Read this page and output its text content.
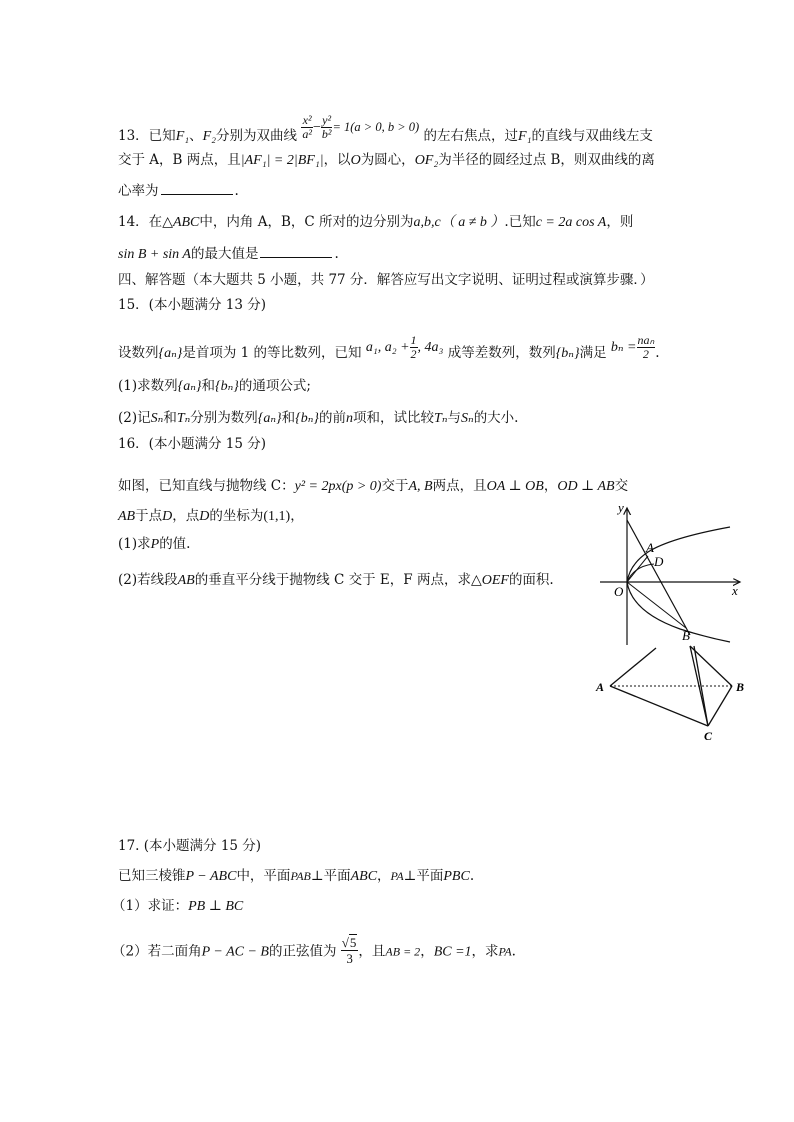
13．已知F₁、F₂分别为双曲线 $\frac{\text{x²}}{\text{a²}} - \frac{\text{y²}}{\text{b²}} = 1(a > 0$, b > 0) 的左右焦点，过F₁的直线与双曲线左支
交于 A，B 两点，且|AF₁| = 2|BF₁|，以O为圆心，OF₂为半径的圆经过点 B，则双曲线的离
心率为	.
14．在△ABC中，内角 A，B，C 所对的边分别为a,b,c（ a ≠ b ）.已知c = 2a cos A，则
sin B + sin A的最大值是	.
四、解答题（本大题共 5 小题，共 77 分．解答应写出文字说明、证明过程或演算步骤．）
15．(本小题满分 13 分)
设数列{aₙ}是首项为 1 的等比数列，已知 a₁, $a_2 + \frac{1}{2}$ , 4a₃ 成等差数列，数列{bₙ}满足 $b_n = \frac{\text{naₙ}}{2}$ .
(1)求数列{aₙ}和{bₙ}的通项公式;
(2)记Sₙ和Tₙ分别为数列{aₙ}和{bₙ}的前n项和，试比较Tₙ与Sₙ的大小.
16．(本小题满分 15 分)
如图，已知直线与抛物线 C：y² = 2px(p > 0)交于A, B两点，且OA ⊥ OB，OD ⊥ AB交
AB于点D，点D的坐标为(1,1)，
(1)求P的值.
(2)若线段AB的垂直平分线于抛物线 C 交于 E，F 两点，求△OEF的面积.
y
x
O
A
D
B
A	B
C
17. (本小题满分 15 分)
已知三棱锥P − ABC中，平面PAB⊥平面ABC，PA⊥平面PBC.
（1）求证：PB ⊥ BC
（2）若二面角P − AC − B的正弦值为 $\frac{√5}{3}$ ，且AB = 2，BC =1，求PA.
